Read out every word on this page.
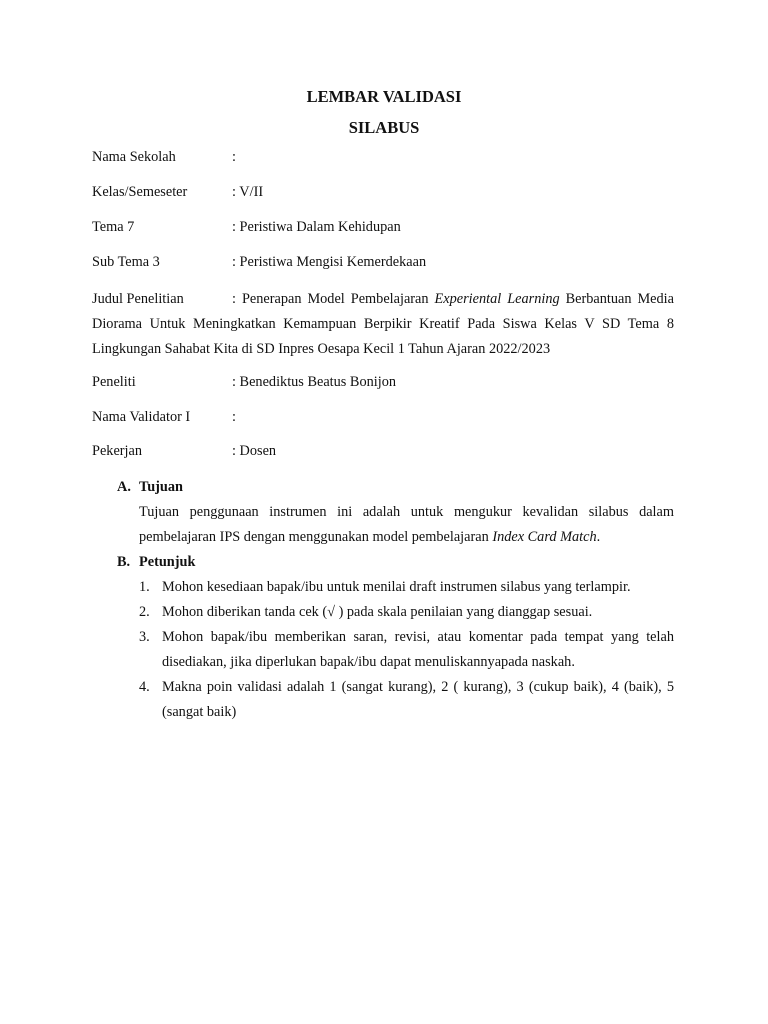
LEMBAR VALIDASI
SILABUS
Nama Sekolah	:
Kelas/Semeseter	: V/II
Tema 7	: Peristiwa Dalam Kehidupan
Sub Tema 3	: Peristiwa Mengisi Kemerdekaan
Judul Penelitian	: Penerapan Model Pembelajaran Experiental Learning Berbantuan Media Diorama Untuk Meningkatkan Kemampuan Berpikir Kreatif Pada Siswa Kelas V SD Tema 8 Lingkungan Sahabat Kita di SD Inpres Oesapa Kecil 1 Tahun Ajaran 2022/2023
Peneliti	: Benediktus Beatus Bonijon
Nama Validator I	:
Pekerjan	: Dosen
A. Tujuan
Tujuan penggunaan instrumen ini adalah untuk mengukur kevalidan silabus dalam pembelajaran IPS dengan menggunakan model pembelajaran Index Card Match.
B. Petunjuk
1. Mohon kesediaan bapak/ibu untuk menilai draft instrumen silabus yang terlampir.
2. Mohon diberikan tanda cek (√ ) pada skala penilaian yang dianggap sesuai.
3. Mohon bapak/ibu memberikan saran, revisi, atau komentar pada tempat yang telah disediakan, jika diperlukan bapak/ibu dapat menuliskannyapada naskah.
4. Makna poin validasi adalah 1 (sangat kurang), 2 ( kurang), 3 (cukup baik), 4 (baik), 5 (sangat baik)
